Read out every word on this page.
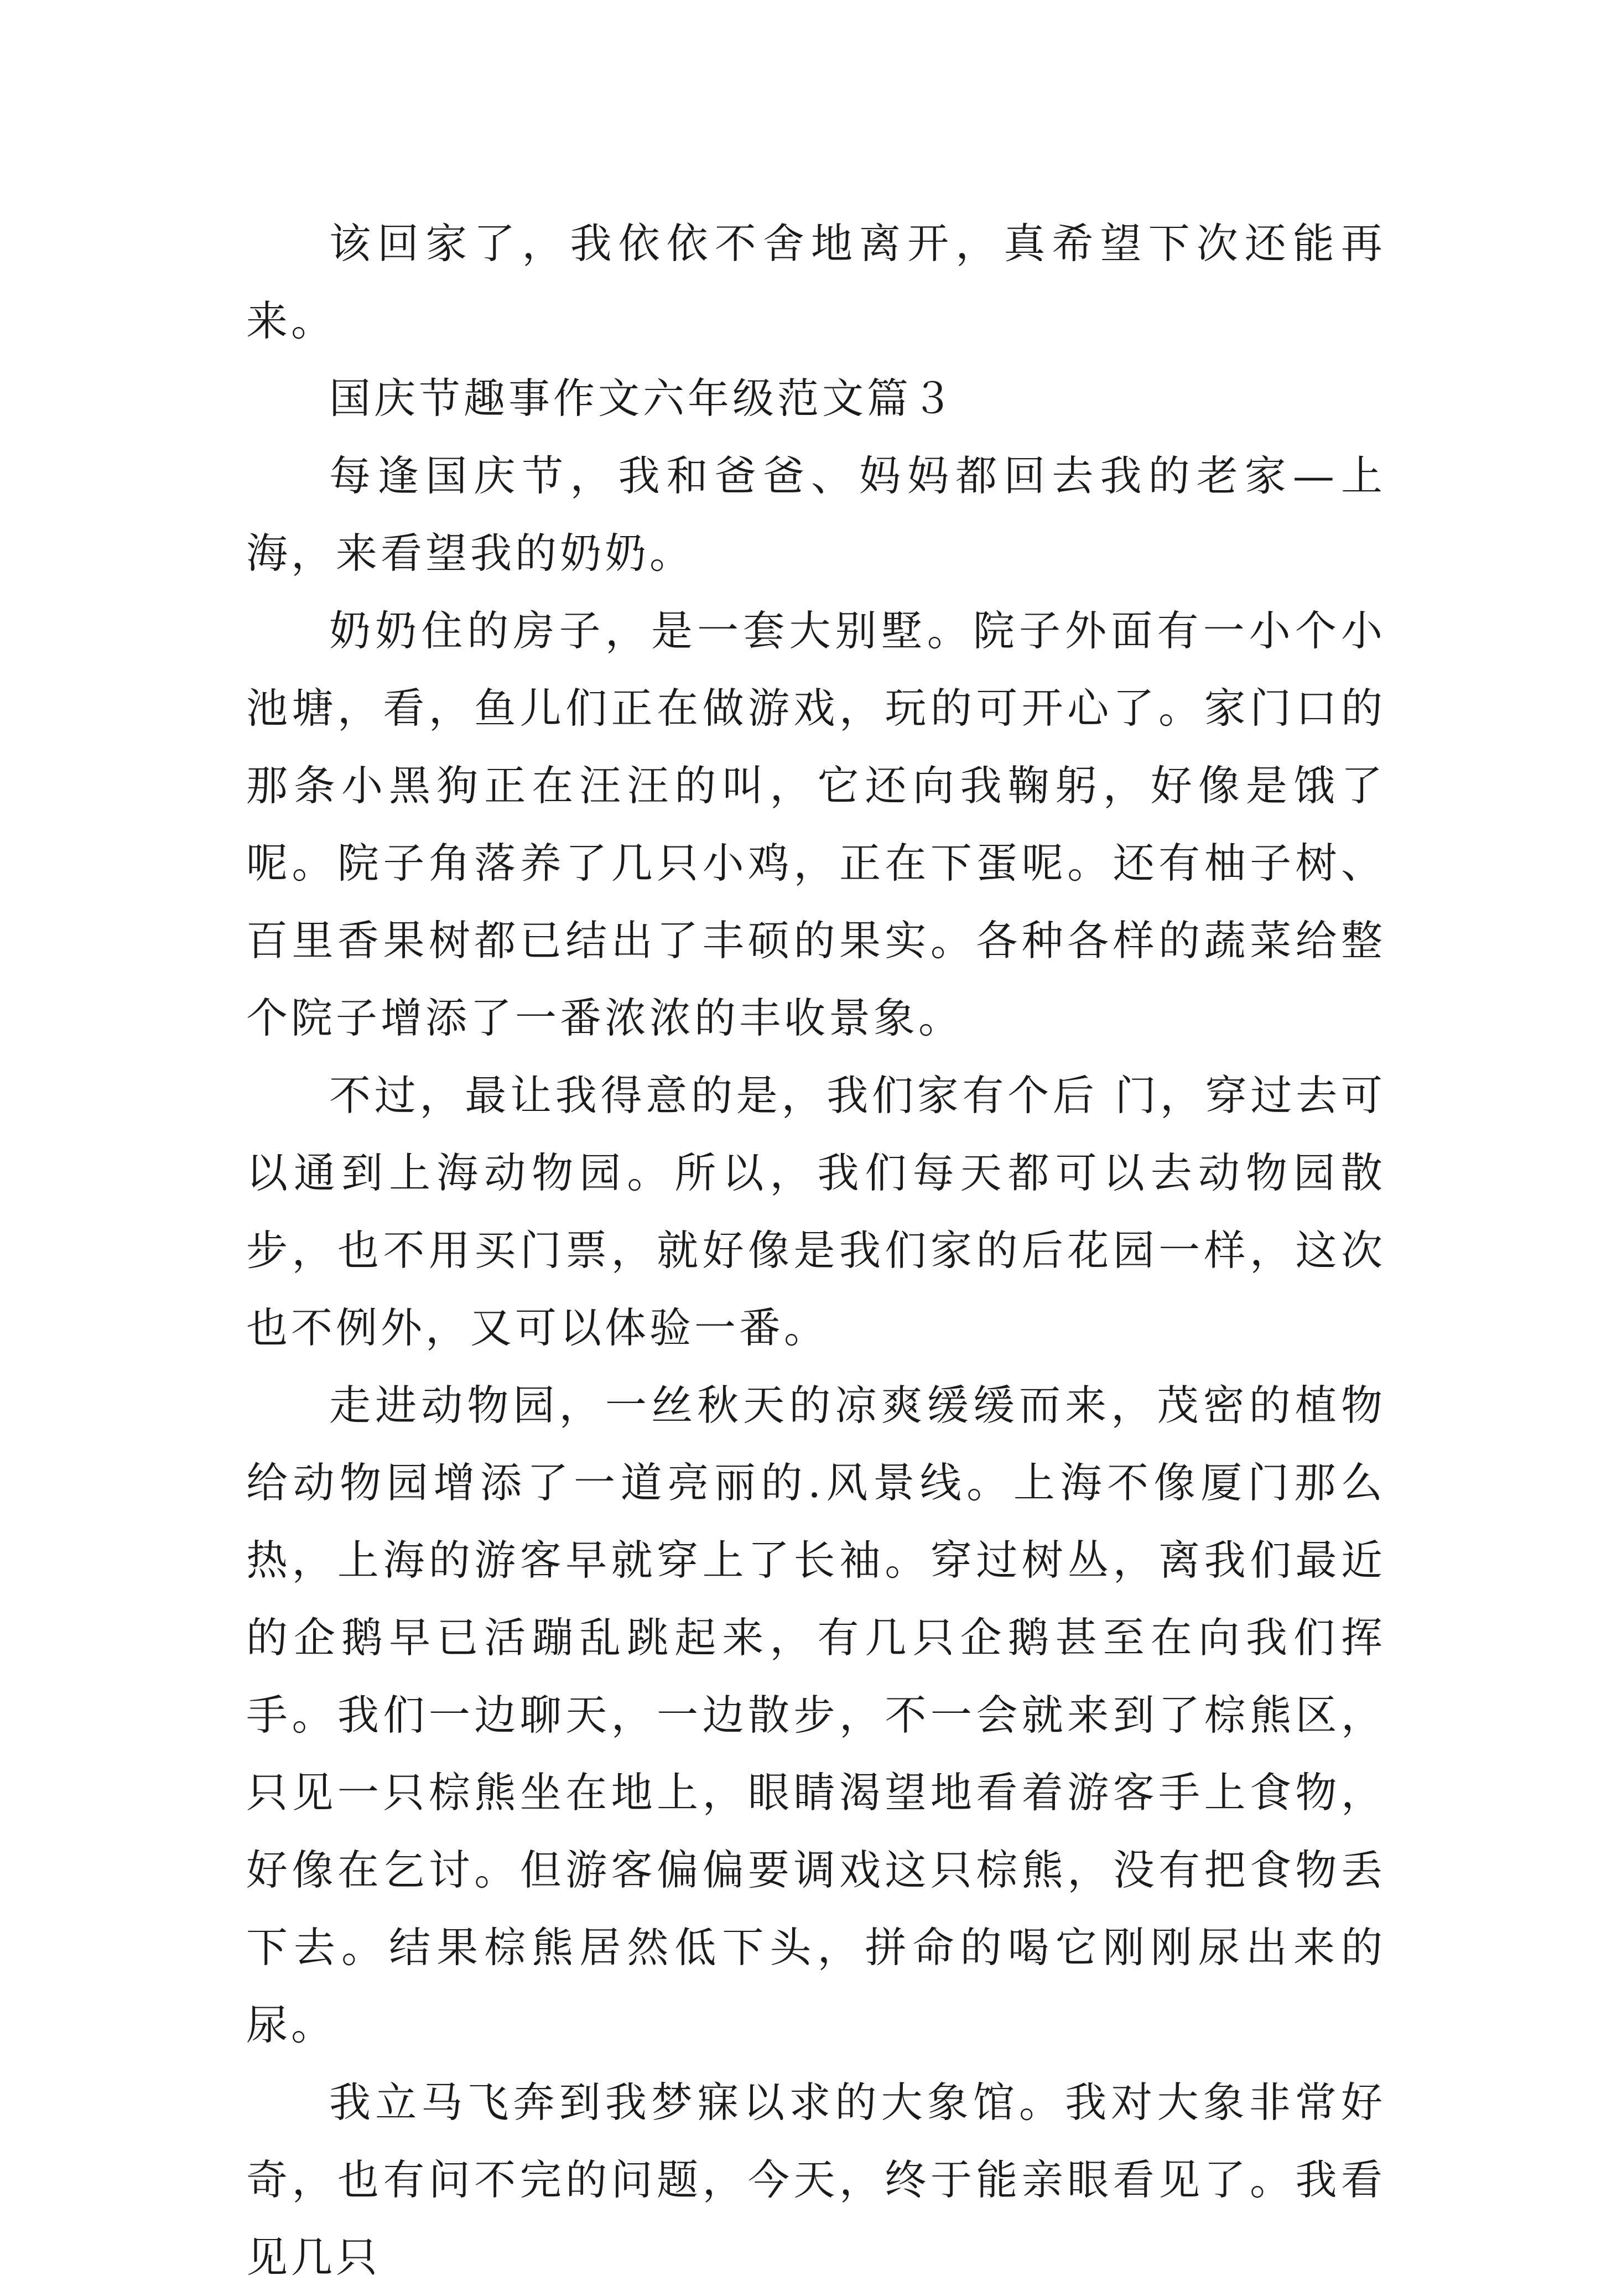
该回家了，我依依不舍地离开，真希望下次还能再来。

国庆节趣事作文六年级范文篇３

每逢国庆节，我和爸爸、妈妈都回去我的老家—上海，来看望我的奶奶。

奶奶住的房子，是一套大别墅。院子外面有一小个小池塘，看，鱼儿们正在做游戏，玩的可开心了。家门口的那条小黑狗正在汪汪的叫，它还向我鞠躬，好像是饿了呢。院子角落养了几只小鸡，正在下蛋呢。还有柚子树、百里香果树都已结出了丰硕的果实。各种各样的蔬菜给整个院子增添了一番浓浓的丰收景象。

不过，最让我得意的是，我们家有个后 门，穿过去可以通到上海动物园。所以，我们每天都可以去动物园散步，也不用买门票，就好像是我们家的后花园一样，这次也不例外，又可以体验一番。

走进动物园，一丝秋天的凉爽缓缓而来，茂密的植物给动物园增添了一道亮丽的.风景线。上海不像厦门那么热，上海的游客早就穿上了长袖。穿过树丛，离我们最近的企鹅早已活蹦乱跳起来，有几只企鹅甚至在向我们挥手。我们一边聊天，一边散步，不一会就来到了棕熊区，只见一只棕熊坐在地上，眼睛渴望地看着游客手上食物，好像在乞讨。但游客偏偏要调戏这只棕熊，没有把食物丢下去。结果棕熊居然低下头，拼命的喝它刚刚尿出来的尿。

我立马飞奔到我梦寐以求的大象馆。我对大象非常好奇，也有问不完的问题，今天，终于能亲眼看见了。我看见几只
